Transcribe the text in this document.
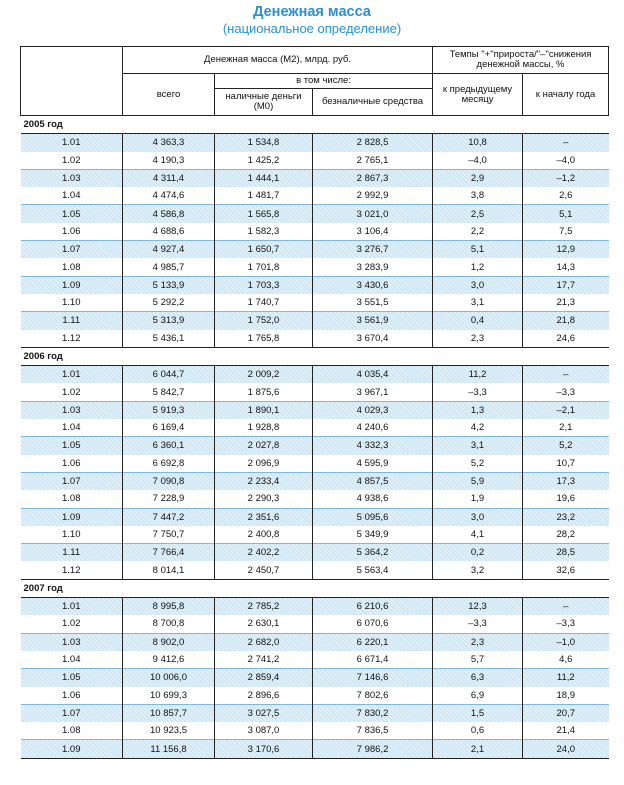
Денежная масса
(национальное определение)
	Денежная масса (М2), млрд. руб.			Темпы "+"прироста/"–"снижения денежной массы, %	
	всего	в том числе:		к предыдущему месяцу	к началу года
		наличные деньги (М0)	безналичные средства		
2005 год					
1.01	4 363,3	1 534,8	2 828,5	10,8	–
1.02	4 190,3	1 425,2	2 765,1	–4,0	–4,0
1.03	4 311,4	1 444,1	2 867,3	2,9	–1,2
1.04	4 474,6	1 481,7	2 992,9	3,8	2,6
1.05	4 586,8	1 565,8	3 021,0	2,5	5,1
1.06	4 688,6	1 582,3	3 106,4	2,2	7,5
1.07	4 927,4	1 650,7	3 276,7	5,1	12,9
1.08	4 985,7	1 701,8	3 283,9	1,2	14,3
1.09	5 133,9	1 703,3	3 430,6	3,0	17,7
1.10	5 292,2	1 740,7	3 551,5	3,1	21,3
1.11	5 313,9	1 752,0	3 561,9	0,4	21,8
1.12	5 436,1	1 765,8	3 670,4	2,3	24,6
2006 год					
1.01	6 044,7	2 009,2	4 035,4	11,2	–
1.02	5 842,7	1 875,6	3 967,1	–3,3	–3,3
1.03	5 919,3	1 890,1	4 029,3	1,3	–2,1
1.04	6 169,4	1 928,8	4 240,6	4,2	2,1
1.05	6 360,1	2 027,8	4 332,3	3,1	5,2
1.06	6 692,8	2 096,9	4 595,9	5,2	10,7
1.07	7 090,8	2 233,4	4 857,5	5,9	17,3
1.08	7 228,9	2 290,3	4 938,6	1,9	19,6
1.09	7 447,2	2 351,6	5 095,6	3,0	23,2
1.10	7 750,7	2 400,8	5 349,9	4,1	28,2
1.11	7 766,4	2 402,2	5 364,2	0,2	28,5
1.12	8 014,1	2 450,7	5 563,4	3,2	32,6
2007 год					
1.01	8 995,8	2 785,2	6 210,6	12,3	–
1.02	8 700,8	2 630,1	6 070,6	–3,3	–3,3
1.03	8 902,0	2 682,0	6 220,1	2,3	–1,0
1.04	9 412,6	2 741,2	6 671,4	5,7	4,6
1.05	10 006,0	2 859,4	7 146,6	6,3	11,2
1.06	10 699,3	2 896,6	7 802,6	6,9	18,9
1.07	10 857,7	3 027,5	7 830,2	1,5	20,7
1.08	10 923,5	3 087,0	7 836,5	0,6	21,4
1.09	11 156,8	3 170,6	7 986,2	2,1	24,0
